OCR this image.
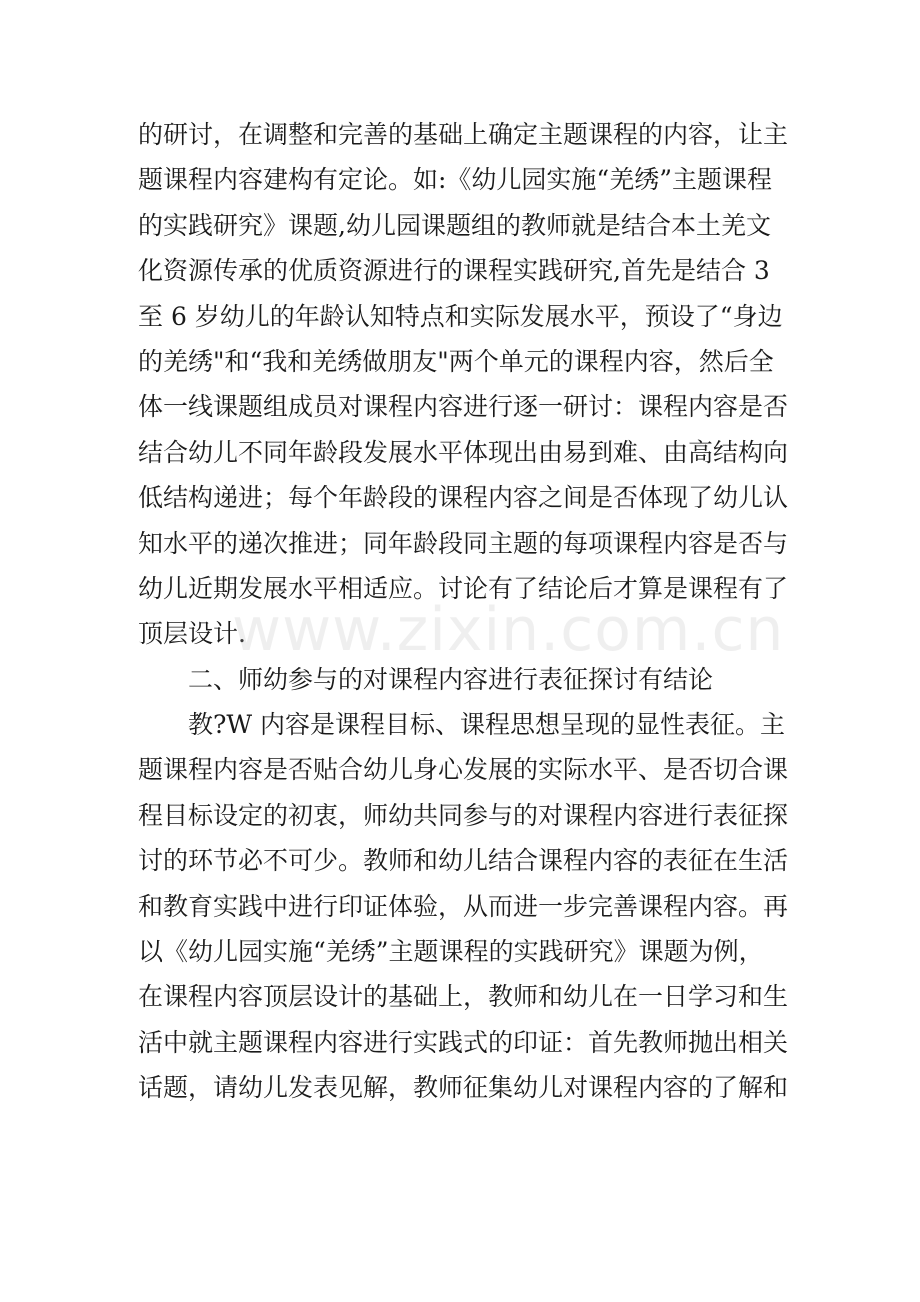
的研讨，在调整和完善的基础上确定主题课程的内容，让主
题课程内容建构有定论。如:《幼儿园实施“羌绣”主题课程
的实践研究》课题,幼儿园课题组的教师就是结合本土羌文
化资源传承的优质资源进行的课程实践研究,首先是结合 3
至 6 岁幼儿的年龄认知特点和实际发展水平，预设了“身边
的羌绣"和“我和羌绣做朋友"两个单元的课程内容，然后全
体一线课题组成员对课程内容进行逐一研讨：课程内容是否
结合幼儿不同年龄段发展水平体现出由易到难、由高结构向
低结构递进；每个年龄段的课程内容之间是否体现了幼儿认
知水平的递次推进；同年龄段同主题的每项课程内容是否与
幼儿近期发展水平相适应。讨论有了结论后才算是课程有了
顶层设计.
二、师幼参与的对课程内容进行表征探讨有结论
教?W 内容是课程目标、课程思想呈现的显性表征。主
题课程内容是否贴合幼儿身心发展的实际水平、是否切合课
程目标设定的初衷，师幼共同参与的对课程内容进行表征探
讨的环节必不可少。教师和幼儿结合课程内容的表征在生活
和教育实践中进行印证体验，从而进一步完善课程内容。再
以《幼儿园实施“羌绣”主题课程的实践研究》课题为例，
在课程内容顶层设计的基础上，教师和幼儿在一日学习和生
活中就主题课程内容进行实践式的印证：首先教师抛出相关
话题，请幼儿发表见解，教师征集幼儿对课程内容的了解和
www.zixin.com.cn
